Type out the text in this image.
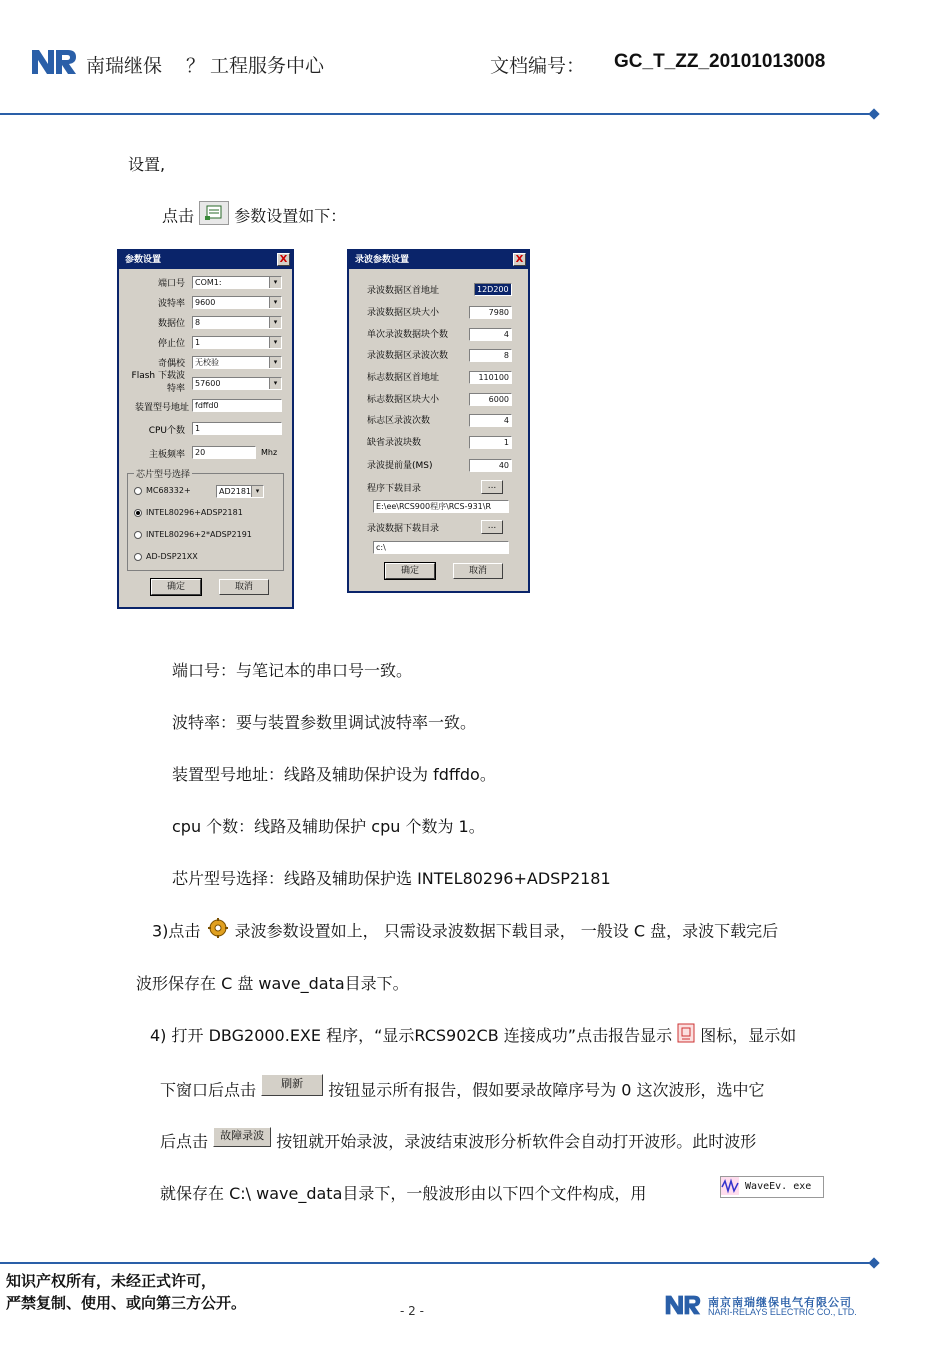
南瑞继保 ？ 工程服务中心	文档编号： GC_T_ZZ_20101013008
设置,
点击	参数设置如下：
参数设置	X
端口号	COM1:	▾
波特率	9600	▾
数据位	8	▾
停止位	1	▾
奇偶校	无校验	▾
Flash 下载波特率
57600	▾
装置型号地址 fdffd0
CPU个数	1
主板频率	20	Mhz
芯片型号选择
MC68332+	AD2181 ▾
INTEL80296+ADSP2181
INTEL80296+2*ADSP2191
AD-DSP21XX
确定	取消
录波参数设置	X
录波数据区首地址	12D200
录波数据区块大小	7980
单次录波数据块个数	4
录波数据区录波次数	8
标志数据区首地址	110100
标志数据区块大小	6000
标志区录波次数	4
缺省录波块数	1
录波提前量(MS)	40
程序下载目录	...
E:\ee\RCS900程序\RCS-931\R
录波数据下载目录	...
c:\
确定	取消
端口号：与笔记本的串口号一致。
波特率：要与装置参数里调试波特率一致。
装置型号地址：线路及辅助保护设为 fdffdo。
cpu 个数：线路及辅助保护 cpu 个数为 1。
芯片型号选择：线路及辅助保护选 INTEL80296+ADSP2181
3)点击 录波参数设置如上， 只需设录波数据下载目录， 一般设 C 盘，录波下载完后
波形保存在 C 盘 wave_data目录下。
4) 打开 DBG2000.EXE 程序，“显示RCS902CB 连接成功”点击报告显示 图标，显示如
下窗口后点击 刷新 按钮显示所有报告，假如要录故障序号为 0 这次波形，选中它
后点击 故障录波 按钮就开始录波，录波结束波形分析软件会自动打开波形。此时波形
就保存在 C:\ wave_data目录下，一般波形由以下四个文件构成，用	WaveEv. exe
知识产权所有，未经正式许可，
严禁复制、使用、或向第三方公开。	- 2 -
南京南瑞继保电气有限公司
NARI-RELAYS ELECTRIC CO., LTD.
